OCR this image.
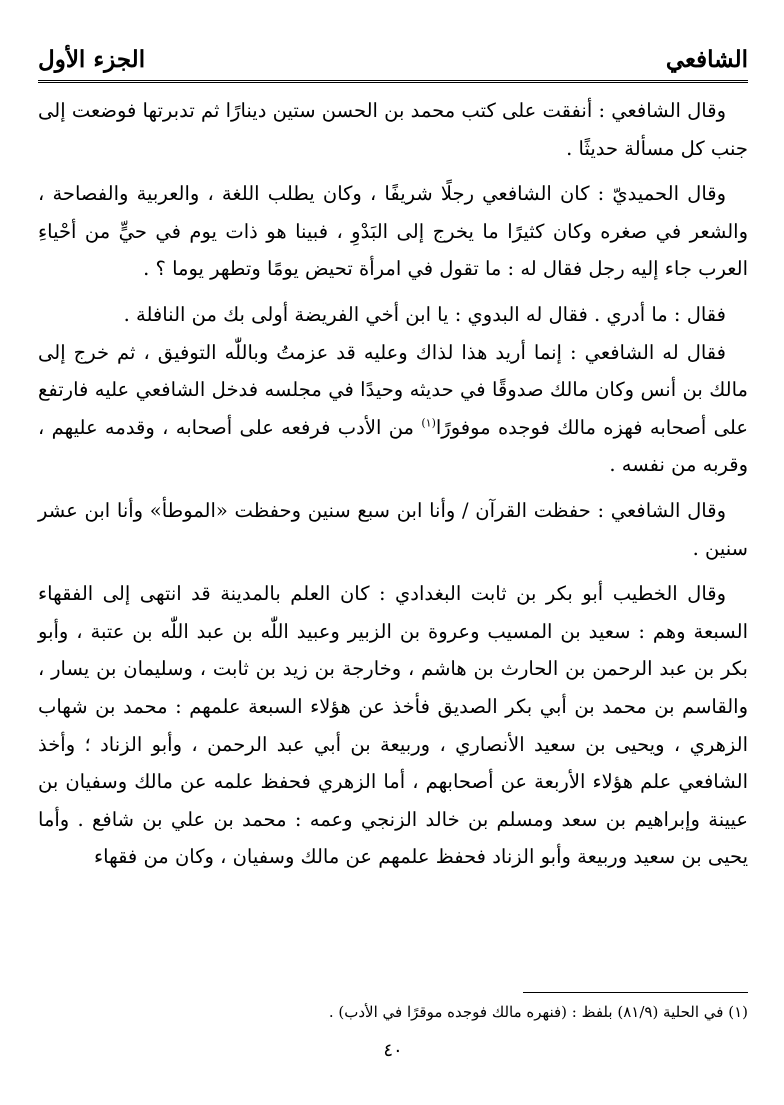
الشافعي
الجزء الأول

وقال الشافعي : أنفقت على كتب محمد بن الحسن ستين دينارًا ثم تدبرتها فوضعت إلى جنب كل مسألة حديثًا .

وقال الحميديّ : كان الشافعي رجلًا شريفًا ، وكان يطلب اللغة ، والعربية والفصاحة ، والشعر في صغره وكان كثيرًا ما يخرج إلى البَدْوِ ، فبينا هو ذات يوم في حيٍّ من أحْياءِ العرب جاء إليه رجل فقال له : ما تقول في امرأة تحيض يومًا وتطهر يوما ؟ .

فقال : ما أدري . فقال له البدوي : يا ابن أخي الفريضة أولى بك من النافلة .

فقال له الشافعي : إنما أريد هذا لذاك وعليه قد عزمتُ وباللّٰه التوفيق ، ثم خرج إلى مالك بن أنس وكان مالك صدوقًا في حديثه وحيدًا في مجلسه فدخل الشافعي عليه فارتفع على أصحابه فهزه مالك فوجده موفورًا$^{(١)}$ من الأدب فرفعه على أصحابه ، وقدمه عليهم ، وقربه من نفسه .

وقال الشافعي : حفظت القرآن / وأنا ابن سبع سنين وحفظت «الموطأ» وأنا ابن عشر سنين .

وقال الخطيب أبو بكر بن ثابت البغدادي : كان العلم بالمدينة قد انتهى إلى الفقهاء السبعة وهم : سعيد بن المسيب وعروة بن الزبير وعبيد اللّٰه بن عبد اللّٰه بن عتبة ، وأبو بكر بن عبد الرحمن بن الحارث بن هاشم ، وخارجة بن زيد بن ثابت ، وسليمان بن يسار ، والقاسم بن محمد بن أبي بكر الصديق فأخذ عن هؤلاء السبعة علمهم : محمد بن شهاب الزهري ، ويحيى بن سعيد الأنصاري ، وربيعة بن أبي عبد الرحمن ، وأبو الزناد ؛ وأخذ الشافعي علم هؤلاء الأربعة عن أصحابهم ، أما الزهري فحفظ علمه عن مالك وسفيان بن عيينة وإبراهيم بن سعد ومسلم بن خالد الزنجي وعمه : محمد بن علي بن شافع . وأما يحيى بن سعيد وربيعة وأبو الزناد فحفظ علمهم عن مالك وسفيان ، وكان من فقهاء

(١) في الحلية (٨١/٩) بلفظ : (فنهره مالك فوجده موقرًا في الأدب) .
٤٠
